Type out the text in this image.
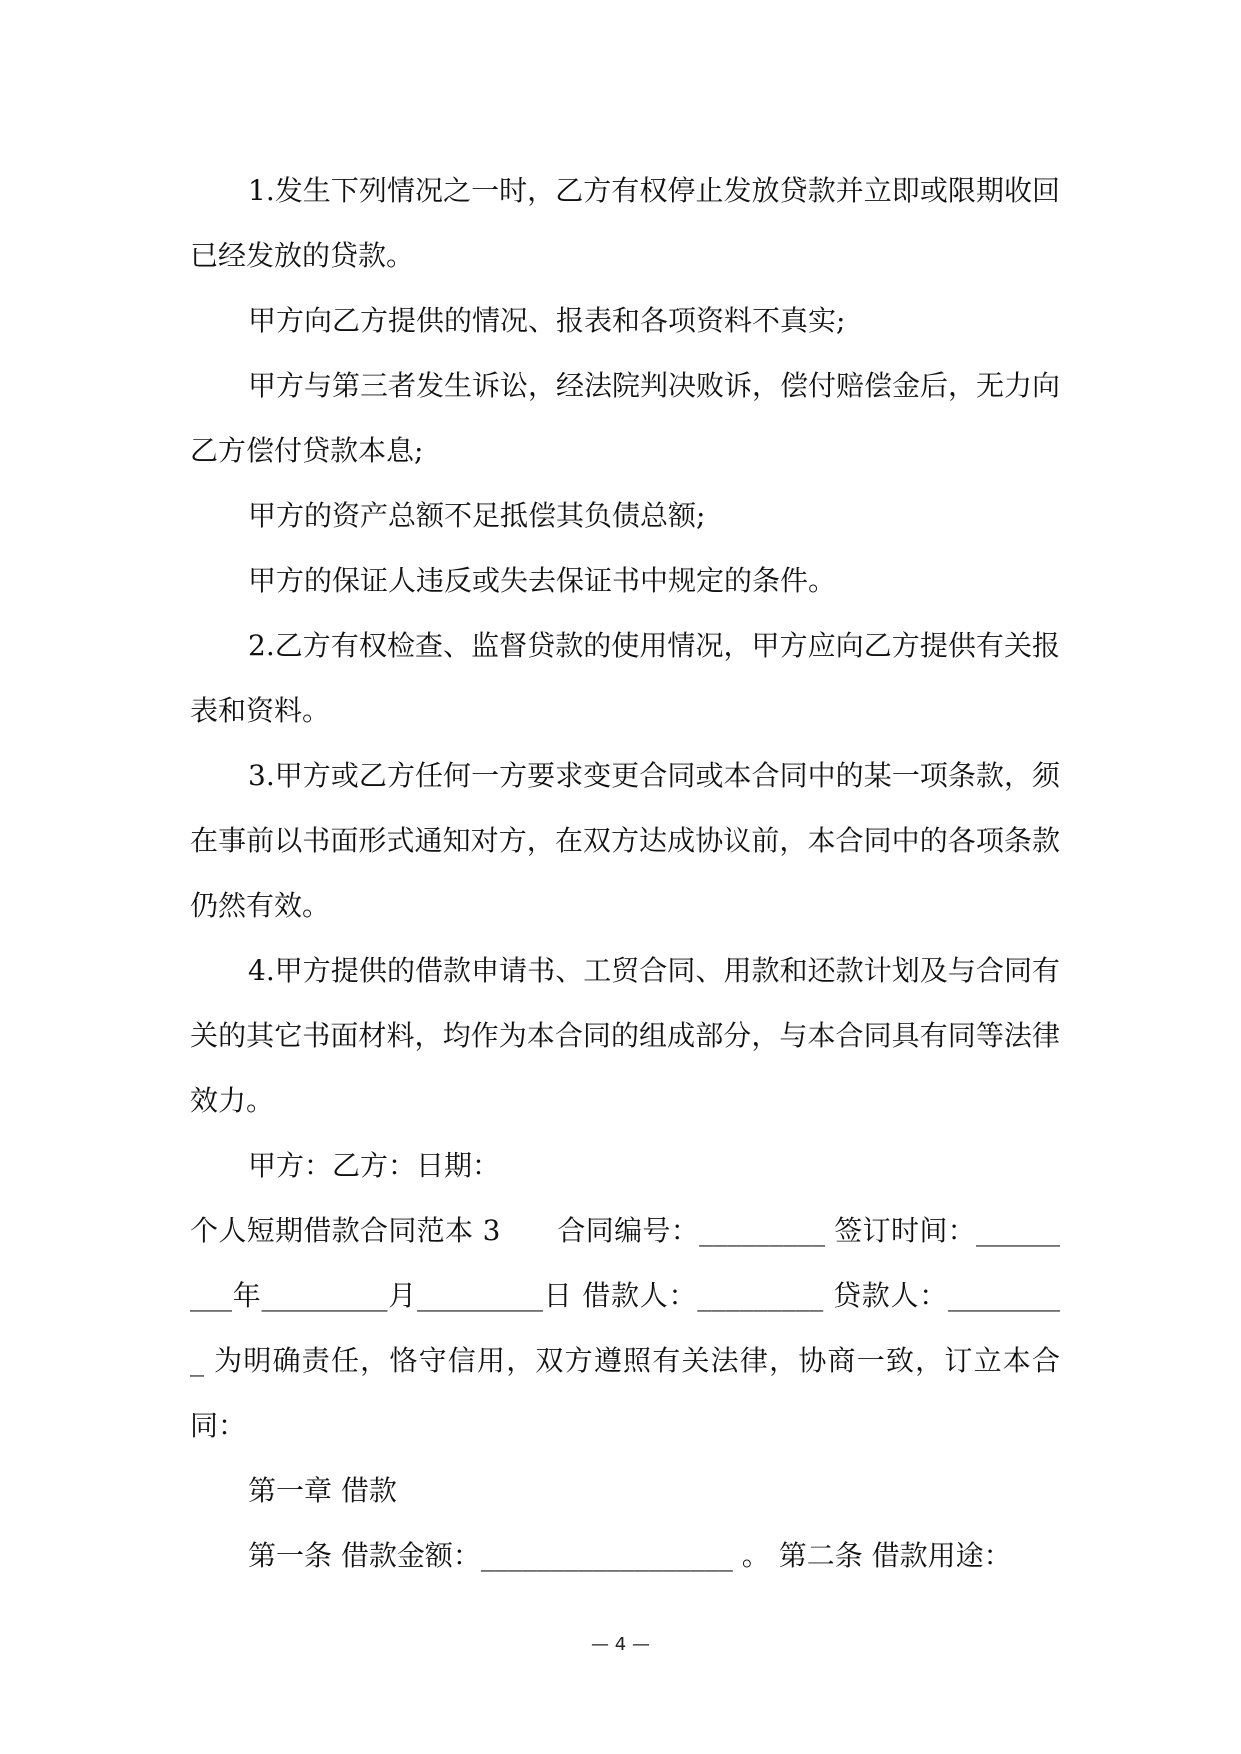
1.发生下列情况之一时，乙方有权停止发放贷款并立即或限期收回已经发放的贷款。

甲方向乙方提供的情况、报表和各项资料不真实;

甲方与第三者发生诉讼，经法院判决败诉，偿付赔偿金后，无力向乙方偿付贷款本息;

甲方的资产总额不足抵偿其负债总额;

甲方的保证人违反或失去保证书中规定的条件。

2.乙方有权检查、监督贷款的使用情况，甲方应向乙方提供有关报表和资料。

3.甲方或乙方任何一方要求变更合同或本合同中的某一项条款，须在事前以书面形式通知对方，在双方达成协议前，本合同中的各项条款仍然有效。

4.甲方提供的借款申请书、工贸合同、用款和还款计划及与合同有关的其它书面材料，均作为本合同的组成部分，与本合同具有同等法律效力。

甲方：乙方：日期：

个人短期借款合同范本 3　　合同编号：_________ 签订时间：_________年_________月_________日 借款人：_________ 贷款人：_________ 为明确责任，恪守信用，双方遵照有关法律，协商一致，订立本合同：

第一章 借款

第一条 借款金额：__________________ 。 第二条 借款用途：

— 4 —
